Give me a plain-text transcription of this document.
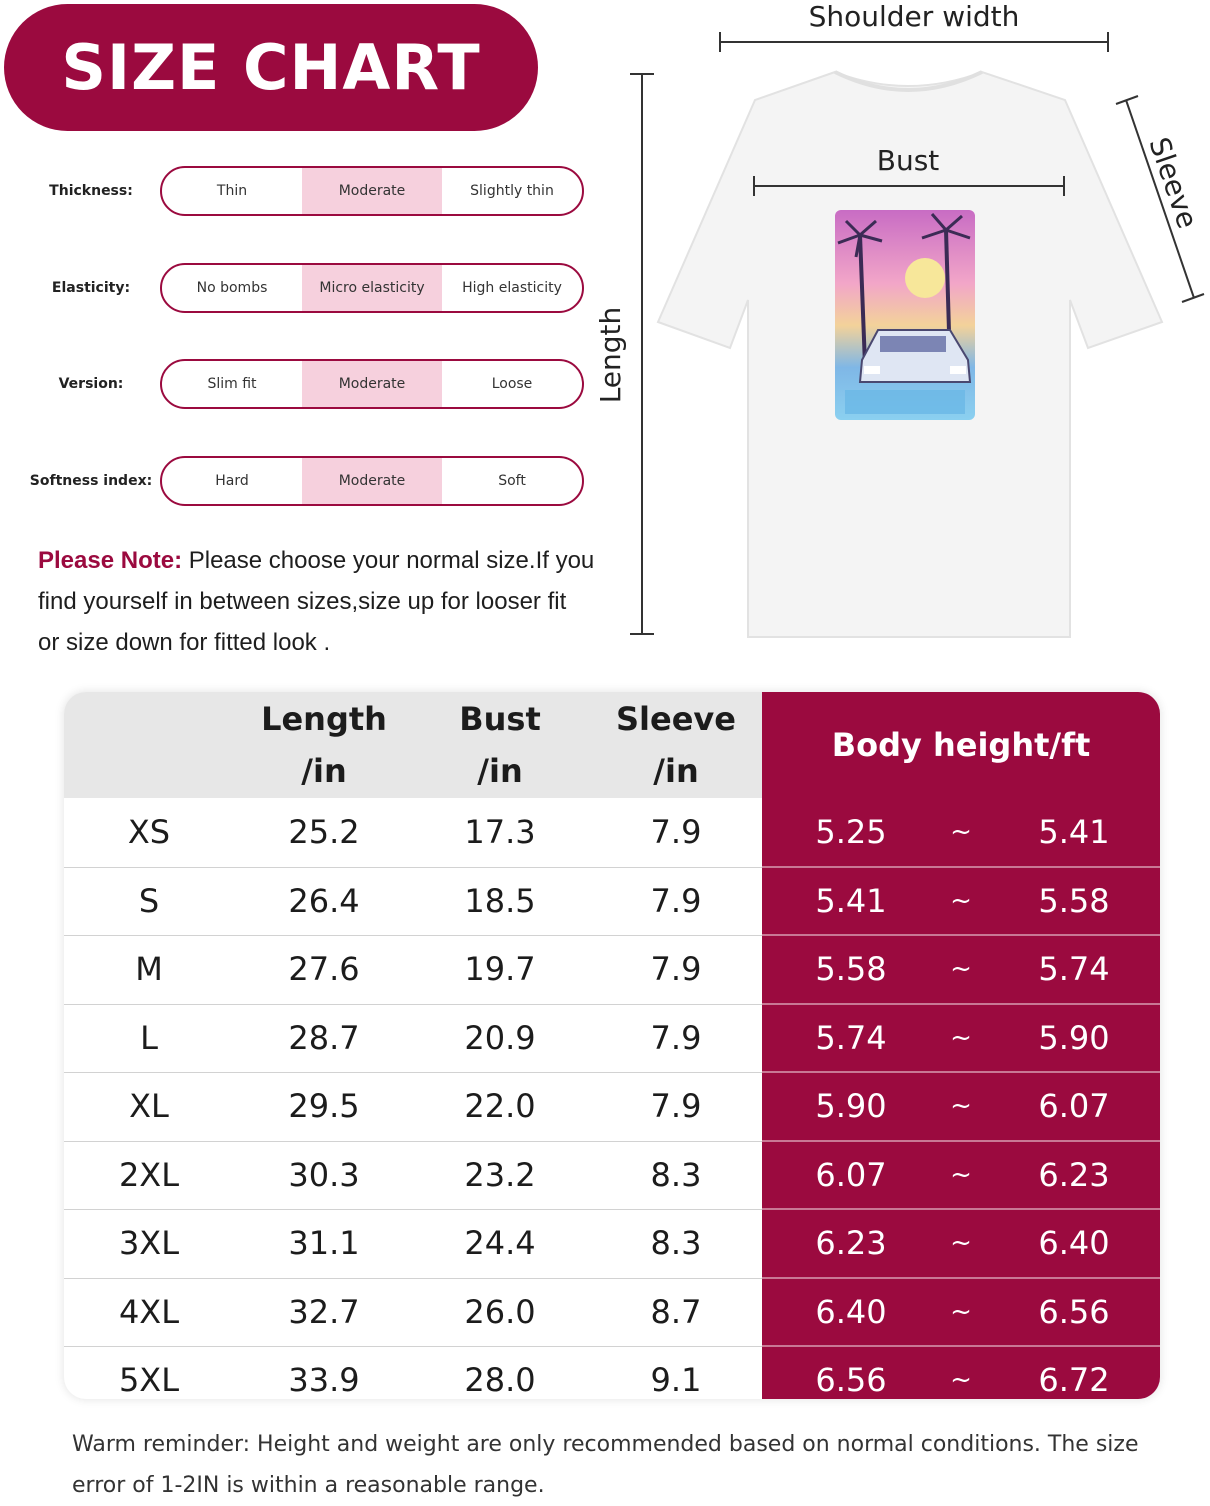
SIZE CHART
Thickness:	Thin	Moderate	Slightly thin
Elasticity:	No bombs	Micro elasticity	High elasticity
Version:	Slim fit	Moderate	Loose
Softness index:	Hard	Moderate	Soft
Please Note: Please choose your normal size.If you
find yourself in between sizes,size up for looser fit
or size down for fitted look .
Length
Shoulder width
Bust	Sleeve
Body height/ft
Length
/in
Bust
/in
Sleeve
/in
XS	25.2	17.3	7.9	5.25	~	5.41
S	26.4	18.5	7.9	5.41	~	5.58
M	27.6	19.7	7.9	5.58	~	5.74
L	28.7	20.9	7.9	5.74	~	5.90
XL	29.5	22.0	7.9	5.90	~	6.07
2XL	30.3	23.2	8.3	6.07	~	6.23
3XL	31.1	24.4	8.3	6.23	~	6.40
4XL	32.7	26.0	8.7	6.40	~	6.56
5XL	33.9	28.0	9.1	6.56	~	6.72
Warm reminder: Height and weight are only recommended based on normal conditions. The size
error of 1-2IN is within a reasonable range.
